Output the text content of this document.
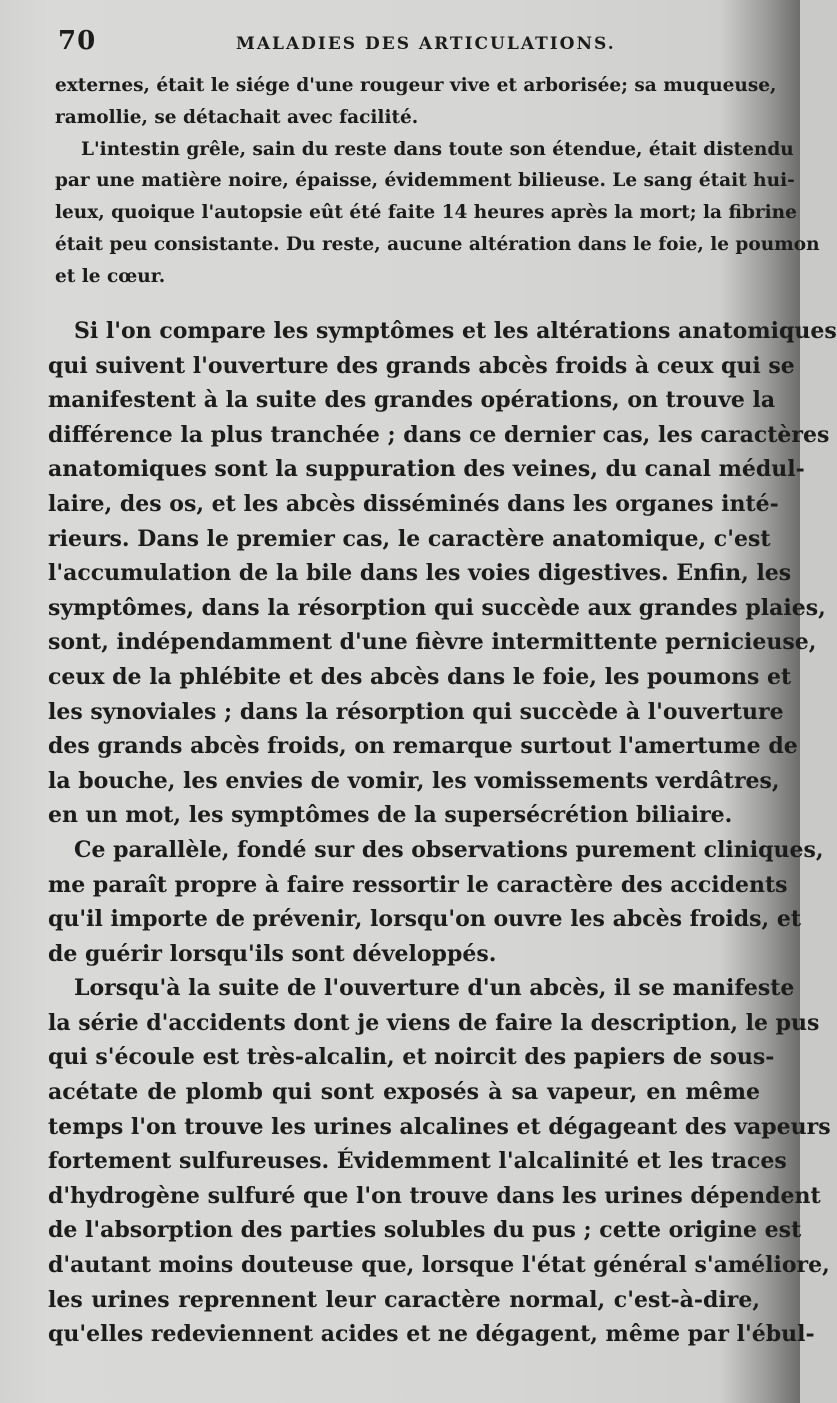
70	MALADIES DES ARTICULATIONS.
externes, était le siége d'une rougeur vive et arborisée; sa muqueuse,
ramollie, se détachait avec facilité.
L'intestin grêle, sain du reste dans toute son étendue, était distendu
par une matière noire, épaisse, évidemment bilieuse. Le sang était hui-
leux, quoique l'autopsie eût été faite 14 heures après la mort; la fibrine
était peu consistante. Du reste, aucune altération dans le foie, le poumon
et le cœur.
Si l'on compare les symptômes et les altérations anatomiques
qui suivent l'ouverture des grands abcès froids à ceux qui se
manifestent à la suite des grandes opérations, on trouve la
différence la plus tranchée ; dans ce dernier cas, les caractères
anatomiques sont la suppuration des veines, du canal médul-
laire, des os, et les abcès disséminés dans les organes inté-
rieurs. Dans le premier cas, le caractère anatomique, c'est
l'accumulation de la bile dans les voies digestives. Enfin, les
symptômes, dans la résorption qui succède aux grandes plaies,
sont, indépendamment d'une fièvre intermittente pernicieuse,
ceux de la phlébite et des abcès dans le foie, les poumons et
les synoviales ; dans la résorption qui succède à l'ouverture
des grands abcès froids, on remarque surtout l'amertume de
la bouche, les envies de vomir, les vomissements verdâtres,
en un mot, les symptômes de la supersécrétion biliaire.
Ce parallèle, fondé sur des observations purement cliniques,
me paraît propre à faire ressortir le caractère des accidents
qu'il importe de prévenir, lorsqu'on ouvre les abcès froids, et
de guérir lorsqu'ils sont développés.
Lorsqu'à la suite de l'ouverture d'un abcès, il se manifeste
la série d'accidents dont je viens de faire la description, le pus
qui s'écoule est très-alcalin, et noircit des papiers de sous-
acétate de plomb qui sont exposés à sa vapeur, en même
temps l'on trouve les urines alcalines et dégageant des vapeurs
fortement sulfureuses. Évidemment l'alcalinité et les traces
d'hydrogène sulfuré que l'on trouve dans les urines dépendent
de l'absorption des parties solubles du pus ; cette origine est
d'autant moins douteuse que, lorsque l'état général s'améliore,
les urines reprennent leur caractère normal, c'est-à-dire,
qu'elles redeviennent acides et ne dégagent, même par l'ébul-
